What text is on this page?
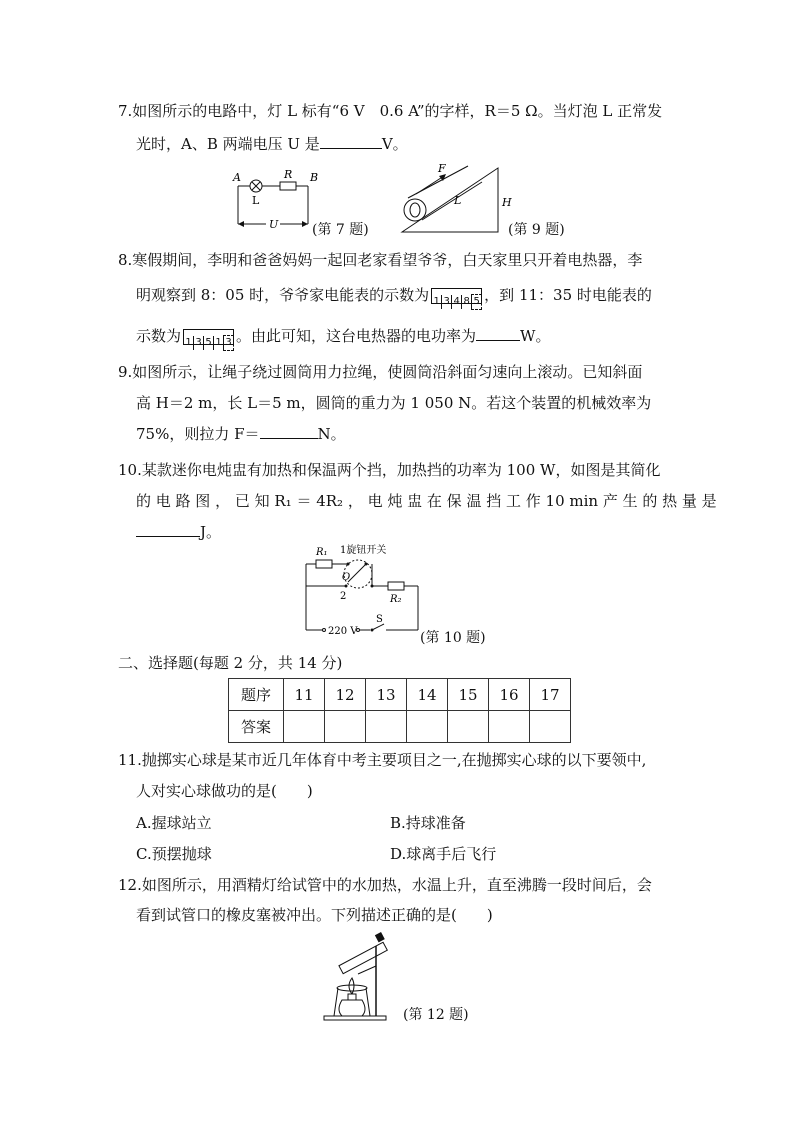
7.如图所示的电路中，灯 L 标有“6 V　0.6 A”的字样，R＝5 Ω。当灯泡 L 正常发
光时，A、B 两端电压 U 是	V。
A	B
R
L
U (第 7 题)
F
L	H
(第 9 题)
8.寒假期间，李明和爸爸妈妈一起回老家看望爷爷，白天家里只开着电热器，李
明观察到 8：05 时，爷爷家电能表的示数为 1 3 4 8 5 ，到 11：35 时电能表的
示数为 1 3 5 1 3 。由此可知，这台电热器的电功率为	W。
9.如图所示，让绳子绕过圆筒用力拉绳，使圆筒沿斜面匀速向上滚动。已知斜面
高 H＝2 m，长 L＝5 m，圆筒的重力为 1 050 N。若这个装置的机械效率为
75%，则拉力 F＝	N。
10.某款迷你电炖盅有加热和保温两个挡，加热挡的功率为 100 W，如图是其简化
的 电 路 图 ， 已 知 R₁ ＝ 4R₂ ， 电 炖 盅 在 保 温 挡 工 作 10 min 产 生 的 热 量 是
J。
R₁ 1旋钮开关
O
2	R₂
220 V
S
(第 10 题)
二、选择题(每题 2 分，共 14 分)
题序	11	12	13	14	15	16	17
答案							
11.抛掷实心球是某市近几年体育中考主要项目之一,在抛掷实心球的以下要领中,
人对实心球做功的是(　　)
A.握球站立	B.持球准备
C.预摆抛球	D.球离手后飞行
12.如图所示，用酒精灯给试管中的水加热，水温上升，直至沸腾一段时间后，会
看到试管口的橡皮塞被冲出。下列描述正确的是(　　)
(第 12 题)
